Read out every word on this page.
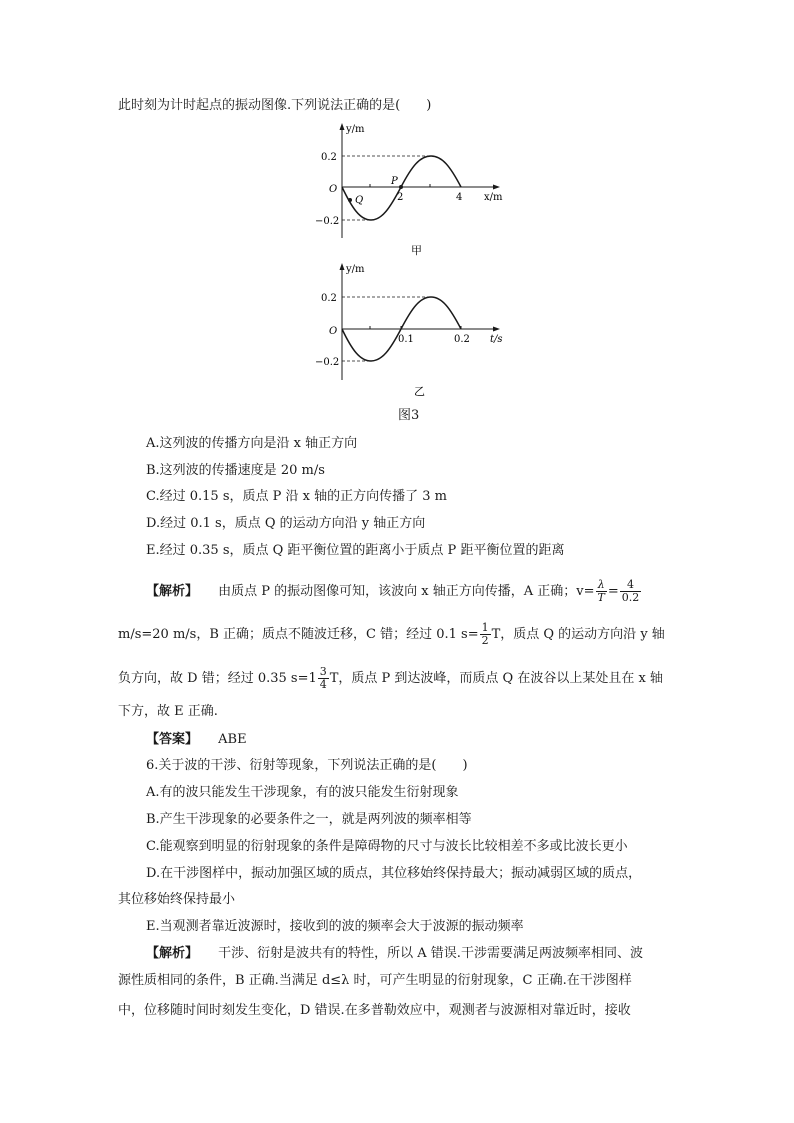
此时刻为计时起点的振动图像.下列说法正确的是(　　)
y/m
O
0.2
−0.2
2	4 x/m
P
Q
甲
y/m
O
0.2
−0.2
0.1	0.2 t/s
乙
图3
A.这列波的传播方向是沿 x 轴正方向
B.这列波的传播速度是 20 m/s
C.经过 0.15 s，质点 P 沿 x 轴的正方向传播了 3 m
D.经过 0.1 s，质点 Q 的运动方向沿 y 轴正方向
E.经过 0.35 s，质点 Q 距平衡位置的距离小于质点 P 距平衡位置的距离
【解析】 由质点 P 的振动图像可知，该波向 x 轴正方向传播，A 正确；$v= \frac{\lambda}{T} = \frac{4}{0.2}$
m/s=20 m/s，B 正确；质点不随波迁移，C 错；经过 0.1 $s= \frac{1}{2}$ T，质点 Q 的运动方向沿 y 轴
负方向，故 D 错；经过 0.35 $s=1 \frac{3}{4}$ T，质点 P 到达波峰，而质点 Q 在波谷以上某处且在 x 轴
下方，故 E 正确.
【答案】 ABE
6.关于波的干涉、衍射等现象，下列说法正确的是(　　)
A.有的波只能发生干涉现象，有的波只能发生衍射现象
B.产生干涉现象的必要条件之一，就是两列波的频率相等
C.能观察到明显的衍射现象的条件是障碍物的尺寸与波长比较相差不多或比波长更小
D.在干涉图样中，振动加强区域的质点，其位移始终保持最大；振动减弱区域的质点，
其位移始终保持最小
E.当观测者靠近波源时，接收到的波的频率会大于波源的振动频率
【解析】 干涉、衍射是波共有的特性，所以 A 错误.干涉需要满足两波频率相同、波
源性质相同的条件，B 正确.当满足 d≤λ 时，可产生明显的衍射现象，C 正确.在干涉图样
中，位移随时间时刻发生变化，D 错误.在多普勒效应中，观测者与波源相对靠近时，接收
